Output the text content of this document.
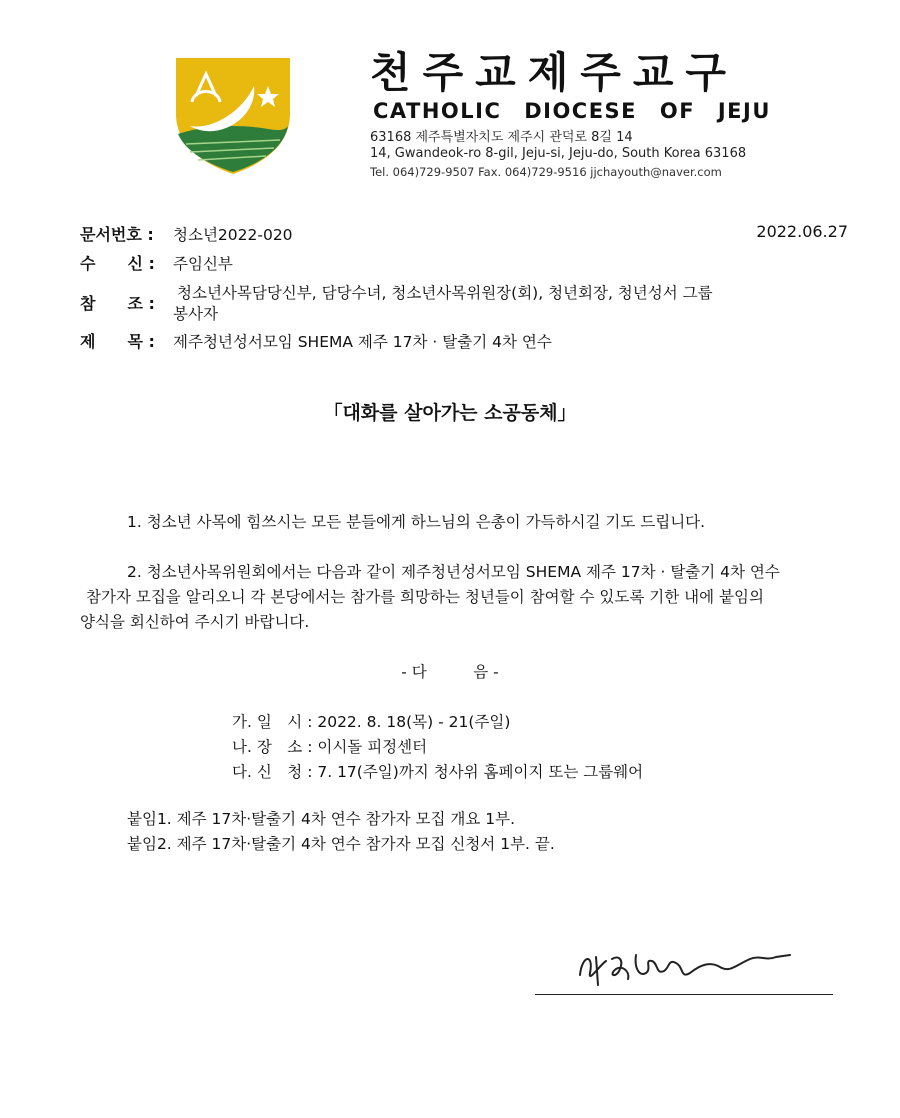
천주교제주교구
CATHOLIC DIOCESE OF JEJU
63168 제주특별자치도 제주시 관덕로 8길 14
14, Gwandeok-ro 8-gil, Jeju-si, Jeju-do, South Korea 63168
Tel. 064)729-9507 Fax. 064)729-9516 jjchayouth@naver.com
문서번호 : 청소년2022-020	2022.06.27
수　　신 : 주임신부
참　　조 :
청소년사목담당신부, 담당수녀, 청소년사목위원장(회), 청년회장, 청년성서 그룹
봉사자
제　　목 : 제주청년성서모임 SHEMA 제주 17차 · 탈출기 4차 연수
「대화를 살아가는 소공동체」
1. 청소년 사목에 힘쓰시는 모든 분들에게 하느님의 은총이 가득하시길 기도 드립니다.
2. 청소년사목위원회에서는 다음과 같이 제주청년성서모임 SHEMA 제주 17차 · 탈출기 4차 연수
참가자 모집을 알리오니 각 본당에서는 참가를 희망하는 청년들이 참여할 수 있도록 기한 내에 붙임의
양식을 회신하여 주시기 바랍니다.
- 다　　　음 -
가. 일　시 : 2022. 8. 18(목) - 21(주일)
나. 장　소 : 이시돌 피정센터
다. 신　청 : 7. 17(주일)까지 청사위 홈페이지 또는 그룹웨어
붙임1. 제주 17차·탈출기 4차 연수 참가자 모집 개요 1부.
붙임2. 제주 17차·탈출기 4차 연수 참가자 모집 신청서 1부. 끝.
